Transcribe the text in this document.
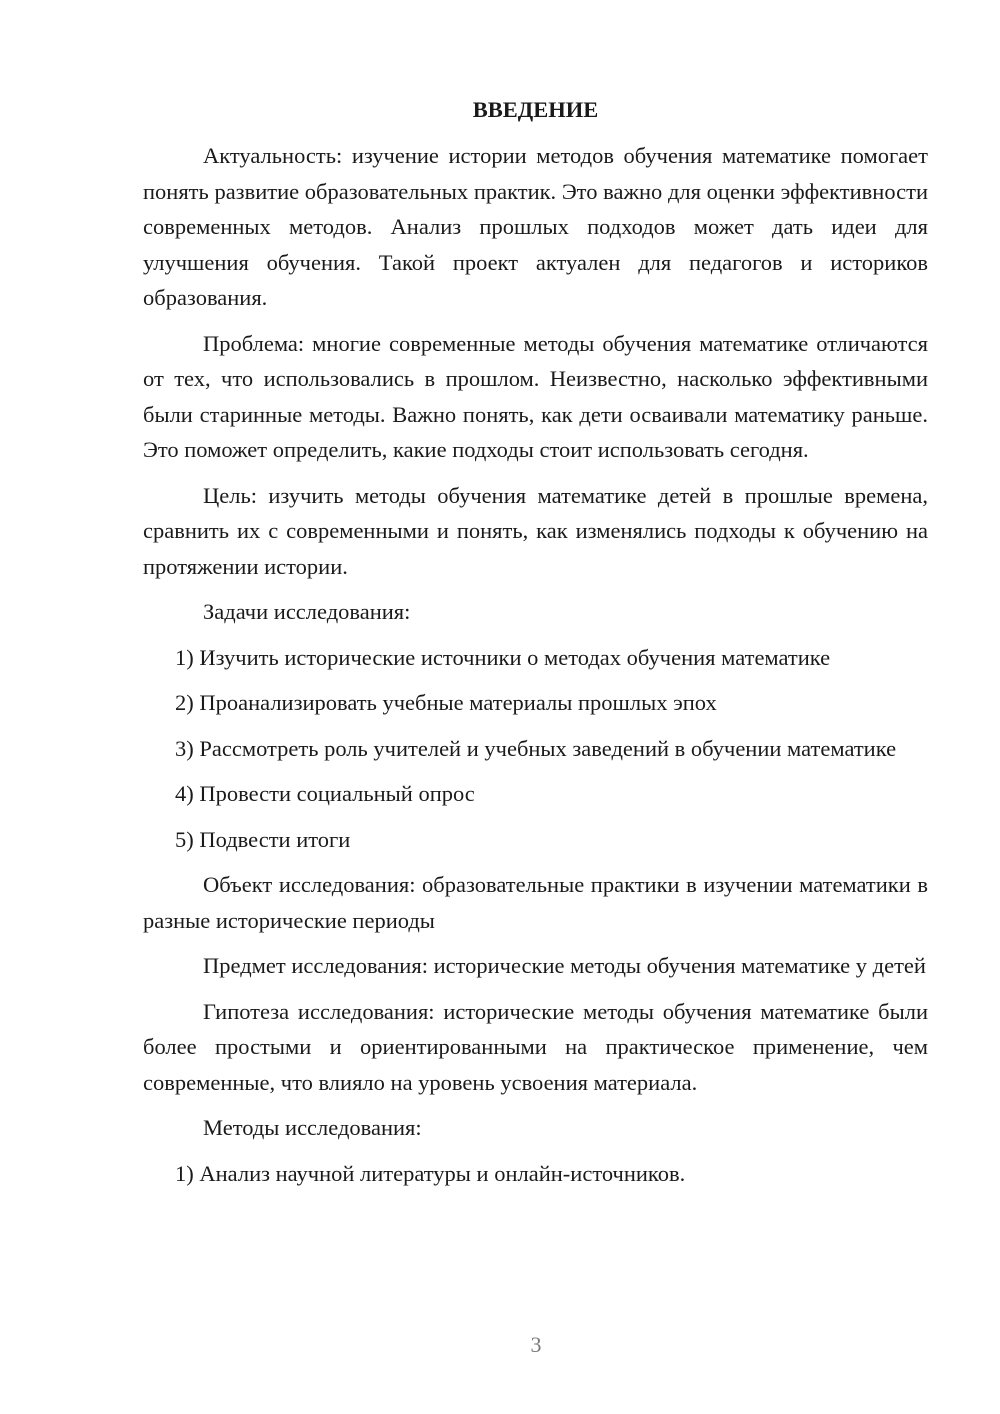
ВВЕДЕНИЕ

Актуальность: изучение истории методов обучения математике помогает понять развитие образовательных практик. Это важно для оценки эффективности современных методов. Анализ прошлых подходов может дать идеи для улучшения обучения. Такой проект актуален для педагогов и историков образования.

Проблема: многие современные методы обучения математике отличаются от тех, что использовались в прошлом. Неизвестно, насколько эффективными были старинные методы. Важно понять, как дети осваивали математику раньше. Это поможет определить, какие подходы стоит использовать сегодня.

Цель: изучить методы обучения математике детей в прошлые времена, сравнить их с современными и понять, как изменялись подходы к обучению на протяжении истории.

Задачи исследования:

1) Изучить исторические источники о методах обучения математике

2) Проанализировать учебные материалы прошлых эпох

3) Рассмотреть роль учителей и учебных заведений в обучении математике

4) Провести социальный опрос

5) Подвести итоги

Объект исследования: образовательные практики в изучении математики в разные исторические периоды

Предмет исследования: исторические методы обучения математике у детей

Гипотеза исследования: исторические методы обучения математике были более простыми и ориентированными на практическое применение, чем современные, что влияло на уровень усвоения материала.

Методы исследования:

1) Анализ научной литературы и онлайн-источников.

3
